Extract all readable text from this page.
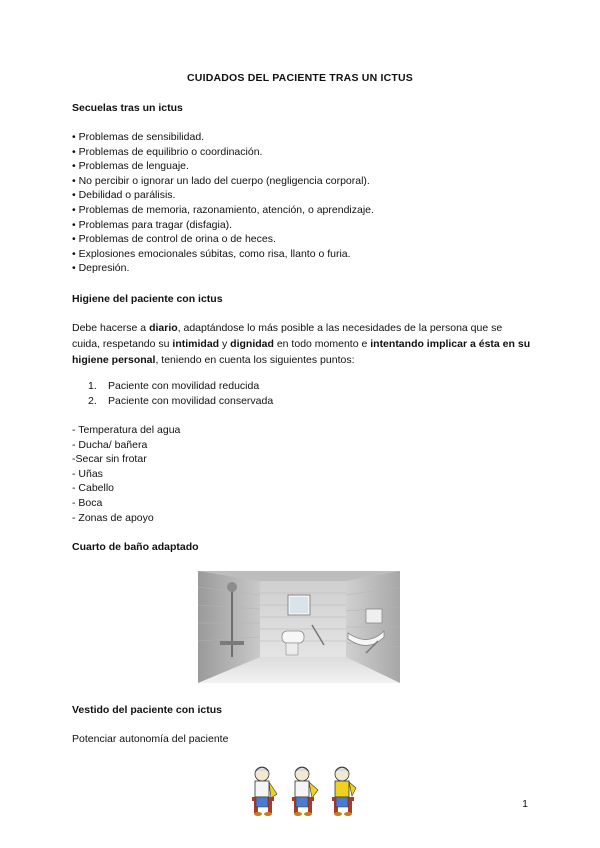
CUIDADOS DEL PACIENTE TRAS UN ICTUS
Secuelas tras un ictus
• Problemas de sensibilidad.
• Problemas de equilibrio o coordinación.
• Problemas de lenguaje.
• No percibir o ignorar un lado del cuerpo (negligencia corporal).
• Debilidad o parálisis.
• Problemas de memoria, razonamiento, atención, o aprendizaje.
• Problemas para tragar (disfagia).
• Problemas de control de orina o de heces.
• Explosiones emocionales súbitas, como risa, llanto o furia.
• Depresión.
Higiene del paciente con ictus
Debe hacerse a diario, adaptándose lo más posible a las necesidades de la persona que se cuida, respetando su intimidad y dignidad en todo momento e intentando implicar a ésta en su higiene personal, teniendo en cuenta los siguientes puntos:
1. Paciente con movilidad reducida
2. Paciente con movilidad conservada
- Temperatura del agua
- Ducha/ bañera
-Secar sin frotar
- Uñas
- Cabello
- Boca
- Zonas de apoyo
Cuarto de baño adaptado
Vestido del paciente con ictus
Potenciar autonomía del paciente
1
